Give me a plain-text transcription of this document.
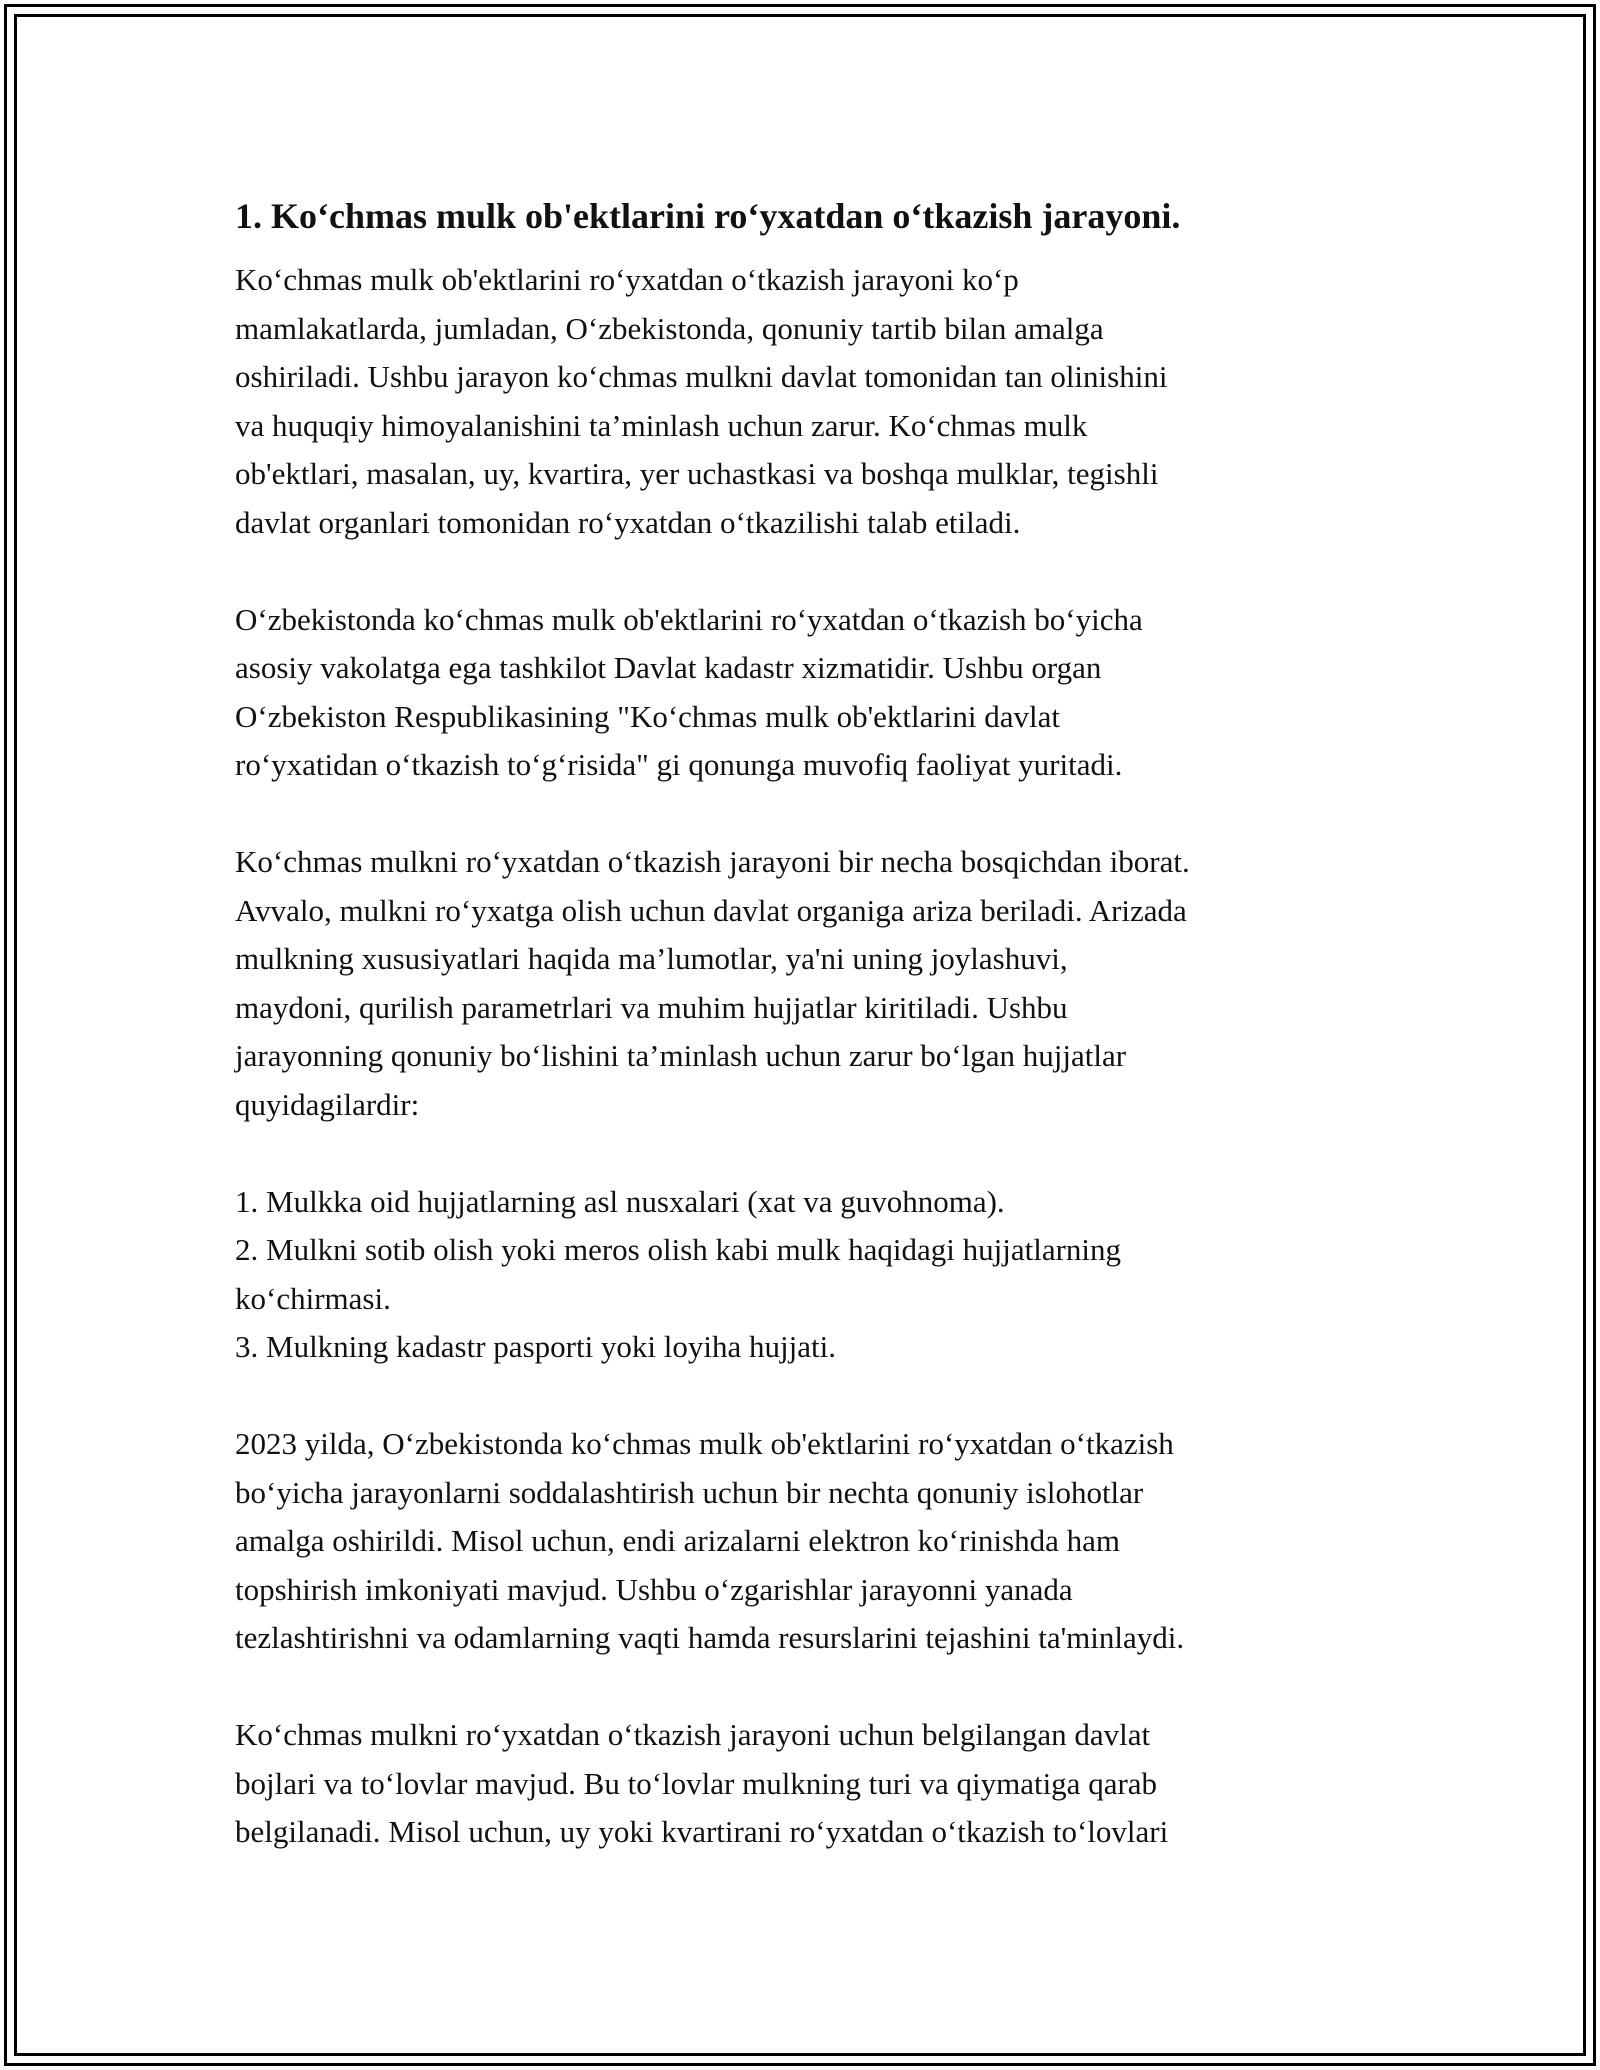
1. Ko‘chmas mulk ob'ektlarini ro‘yxatdan o‘tkazish jarayoni.
Ko‘chmas mulk ob'ektlarini ro‘yxatdan o‘tkazish jarayoni ko‘p
mamlakatlarda, jumladan, O‘zbekistonda, qonuniy tartib bilan amalga
oshiriladi. Ushbu jarayon ko‘chmas mulkni davlat tomonidan tan olinishini
va huquqiy himoyalanishini ta’minlash uchun zarur. Ko‘chmas mulk
ob'ektlari, masalan, uy, kvartira, yer uchastkasi va boshqa mulklar, tegishli
davlat organlari tomonidan ro‘yxatdan o‘tkazilishi talab etiladi.
O‘zbekistonda ko‘chmas mulk ob'ektlarini ro‘yxatdan o‘tkazish bo‘yicha
asosiy vakolatga ega tashkilot Davlat kadastr xizmatidir. Ushbu organ
O‘zbekiston Respublikasining "Ko‘chmas mulk ob'ektlarini davlat
ro‘yxatidan o‘tkazish to‘g‘risida" gi qonunga muvofiq faoliyat yuritadi.
Ko‘chmas mulkni ro‘yxatdan o‘tkazish jarayoni bir necha bosqichdan iborat.
Avvalo, mulkni ro‘yxatga olish uchun davlat organiga ariza beriladi. Arizada
mulkning xususiyatlari haqida ma’lumotlar, ya'ni uning joylashuvi,
maydoni, qurilish parametrlari va muhim hujjatlar kiritiladi. Ushbu
jarayonning qonuniy bo‘lishini ta’minlash uchun zarur bo‘lgan hujjatlar
quyidagilardir:
1. Mulkka oid hujjatlarning asl nusxalari (xat va guvohnoma).
2. Mulkni sotib olish yoki meros olish kabi mulk haqidagi hujjatlarning
ko‘chirmasi.
3. Mulkning kadastr pasporti yoki loyiha hujjati.
2023 yilda, O‘zbekistonda ko‘chmas mulk ob'ektlarini ro‘yxatdan o‘tkazish
bo‘yicha jarayonlarni soddalashtirish uchun bir nechta qonuniy islohotlar
amalga oshirildi. Misol uchun, endi arizalarni elektron ko‘rinishda ham
topshirish imkoniyati mavjud. Ushbu o‘zgarishlar jarayonni yanada
tezlashtirishni va odamlarning vaqti hamda resurslarini tejashini ta'minlaydi.
Ko‘chmas mulkni ro‘yxatdan o‘tkazish jarayoni uchun belgilangan davlat
bojlari va to‘lovlar mavjud. Bu to‘lovlar mulkning turi va qiymatiga qarab
belgilanadi. Misol uchun, uy yoki kvartirani ro‘yxatdan o‘tkazish to‘lovlari
